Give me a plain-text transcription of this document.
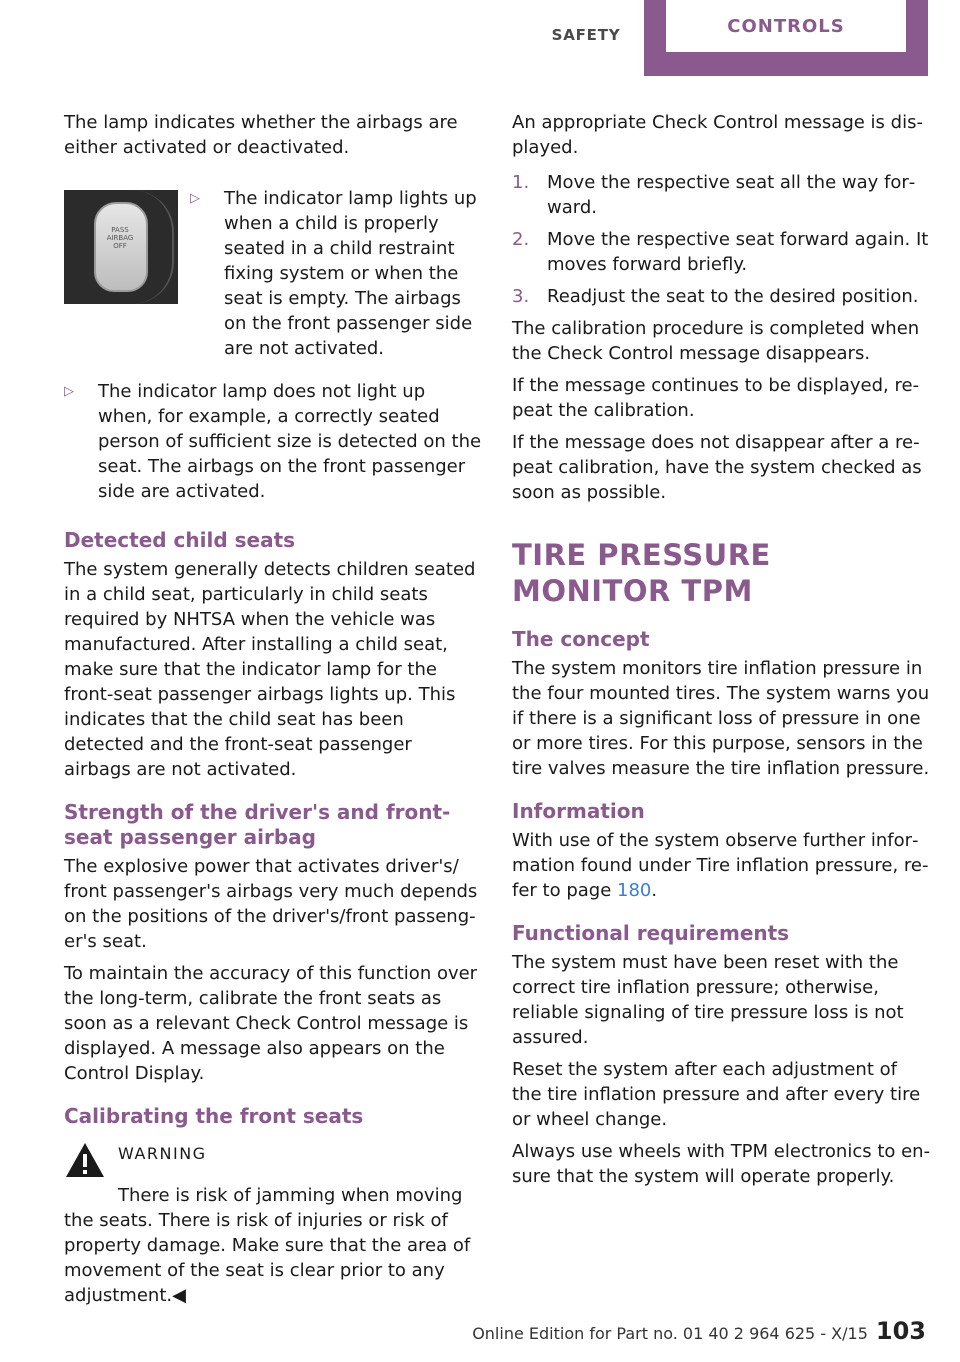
SAFETY	CONTROLS

The lamp indicates whether the airbags are either activated or deactivated.

PASS AIRBAG OFF
▷	The indicator lamp lights up when a child is properly seated in a child restraint fixing system or when the seat is empty. The airbags on the front passenger side are not activated.
▷	The indicator lamp does not light up when, for example, a correctly seated person of sufficient size is detected on the seat. The airbags on the front passenger side are activated.
Detected child seats

The system generally detects children seated in a child seat, particularly in child seats required by NHTSA when the vehicle was manufactured. After installing a child seat, make sure that the indicator lamp for the front-seat passenger airbags lights up. This indicates that the child seat has been detected and the front-seat passenger airbags are not activated.

Strength of the driver's and front-seat passenger airbag

The explosive power that activates driver's/ front passenger's airbags very much depends on the positions of the driver's/front passenger's seat.

To maintain the accuracy of this function over the long-term, calibrate the front seats as soon as a relevant Check Control message is displayed. A message also appears on the Control Display.

Calibrating the front seats
WARNING

There is risk of jamming when moving the seats. There is risk of injuries or risk of property damage. Make sure that the area of movement of the seat is clear prior to any adjustment.◀

An appropriate Check Control message is displayed.

1. Move the respective seat all the way forward.
2. Move the respective seat forward again. It moves forward briefly.
3. Readjust the seat to the desired position.

The calibration procedure is completed when the Check Control message disappears.

If the message continues to be displayed, repeat the calibration.

If the message does not disappear after a repeat calibration, have the system checked as soon as possible.

TIRE PRESSURE MONITOR TPM
The concept

The system monitors tire inflation pressure in the four mounted tires. The system warns you if there is a significant loss of pressure in one or more tires. For this purpose, sensors in the tire valves measure the tire inflation pressure.

Information

With use of the system observe further information found under Tire inflation pressure, refer to page 180.

Functional requirements

The system must have been reset with the correct tire inflation pressure; otherwise, reliable signaling of tire pressure loss is not assured.

Reset the system after each adjustment of the tire inflation pressure and after every tire or wheel change.

Always use wheels with TPM electronics to ensure that the system will operate properly.

Online Edition for Part no. 01 40 2 964 625 - X/15 103
